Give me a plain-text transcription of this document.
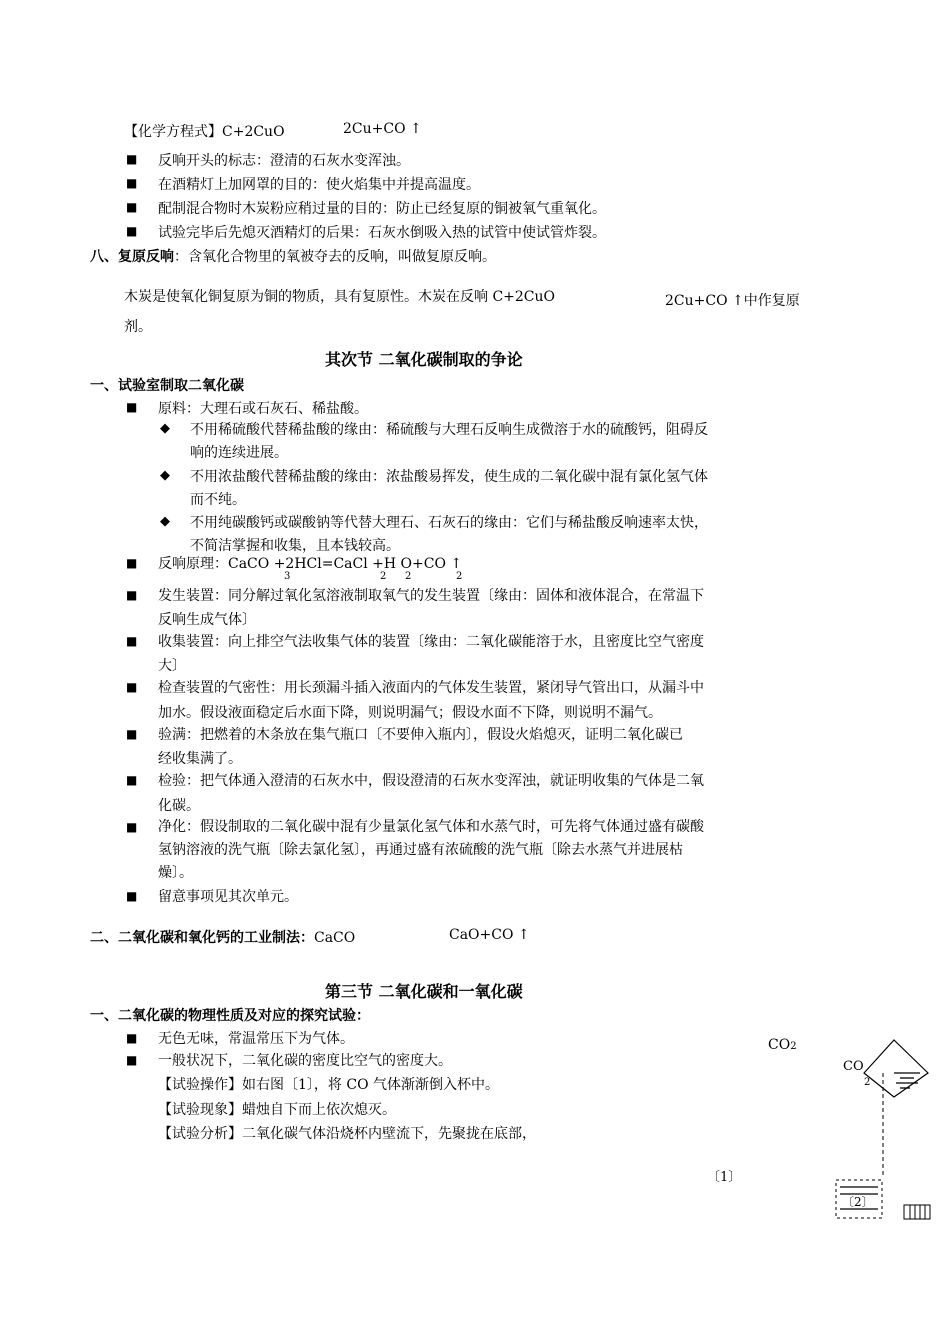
【化学方程式】C+2CuO	2Cu+CO ↑
■ 反响开头的标志：澄清的石灰水变浑浊。
■ 在酒精灯上加网罩的目的：使火焰集中并提高温度。
■ 配制混合物时木炭粉应稍过量的目的：防止已经复原的铜被氧气重氧化。
■ 试验完毕后先熄灭酒精灯的后果：石灰水倒吸入热的试管中使试管炸裂。
八、复原反响：含氧化合物里的氧被夺去的反响，叫做复原反响。
木炭是使氧化铜复原为铜的物质，具有复原性。木炭在反响 C+2CuO	2Cu+CO ↑中作复原
剂。
其次节 二氧化碳制取的争论
一、试验室制取二氧化碳
■ 原料：大理石或石灰石、稀盐酸。
◆ 不用稀硫酸代替稀盐酸的缘由：稀硫酸与大理石反响生成微溶于水的硫酸钙，阻碍反
响的连续进展。
◆ 不用浓盐酸代替稀盐酸的缘由：浓盐酸易挥发，使生成的二氧化碳中混有氯化氢气体
而不纯。
◆ 不用纯碳酸钙或碳酸钠等代替大理石、石灰石的缘由：它们与稀盐酸反响速率太快，
不简洁掌握和收集，且本钱较高。
■ 反响原理：CaCO +2HCl=CaCl +H O+CO ↑
3	2 2	2
■ 发生装置：同分解过氧化氢溶液制取氧气的发生装置〔缘由：固体和液体混合，在常温下
反响生成气体〕
■ 收集装置：向上排空气法收集气体的装置〔缘由：二氧化碳能溶于水，且密度比空气密度
大〕
■ 检查装置的气密性：用长颈漏斗插入液面内的气体发生装置，紧闭导气管出口，从漏斗中
加水。假设液面稳定后水面下降，则说明漏气；假设水面不下降，则说明不漏气。
■ 验满：把燃着的木条放在集气瓶口〔不要伸入瓶内〕，假设火焰熄灭，证明二氧化碳已
经收集满了。
■ 检验：把气体通入澄清的石灰水中，假设澄清的石灰水变浑浊，就证明收集的气体是二氧
化碳。
■ 净化：假设制取的二氧化碳中混有少量氯化氢气体和水蒸气时，可先将气体通过盛有碳酸
氢钠溶液的洗气瓶〔除去氯化氢〕，再通过盛有浓硫酸的洗气瓶〔除去水蒸气并进展枯
燥〕。
■ 留意事项见其次单元。
二、二氧化碳和氧化钙的工业制法：CaCO	CaO+CO ↑
第三节 二氧化碳和一氧化碳
一、二氧化碳的物理性质及对应的探究试验：
■ 无色无味，常温常压下为气体。
■ 一般状况下，二氧化碳的密度比空气的密度大。
【试验操作】如右图〔1〕，将 CO 气体渐渐倒入杯中。
【试验现象】蜡烛自下而上依次熄灭。
【试验分析】二氧化碳气体沿烧杯内壁流下，先聚拢在底部，
CO2
CO
2
〔1〕
〔2〕
